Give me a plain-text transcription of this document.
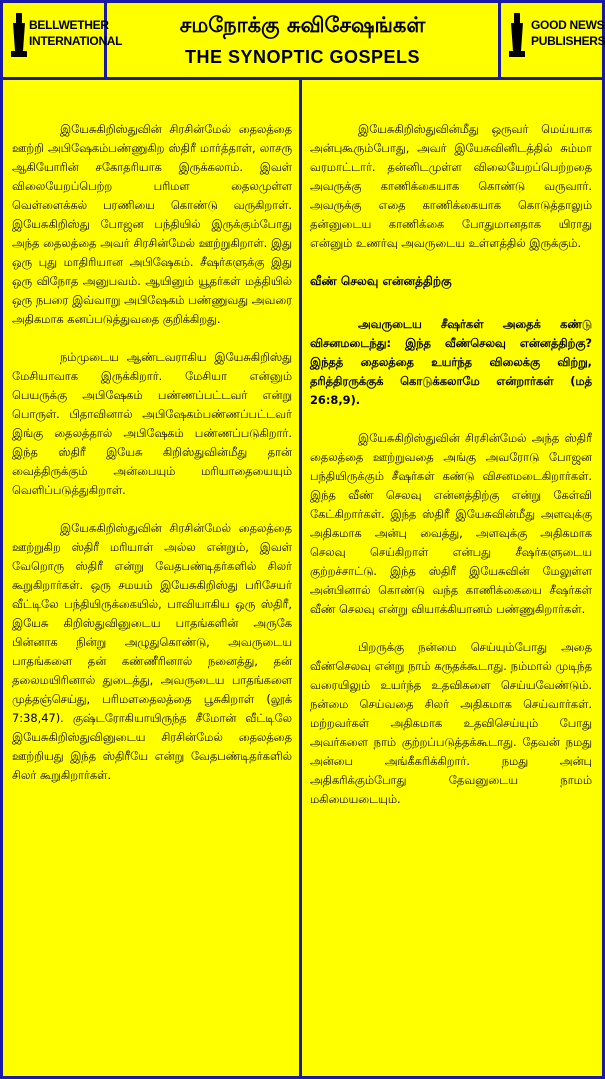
BELLWETHER
INTERNATIONAL
சமநோக்கு சுவிசேஷங்கள்
THE SYNOPTIC GOSPELS
GOOD NEWS
PUBLISHERS

இயேசுகிறிஸ்துவின் சிரசின்மேல் தைலத்தை ஊற்றி அபிஷேகம்பண்ணுகிற ஸ்திரீ மார்த்தாள், லாசரு ஆகியோரின் சகோதரியாக இருக்கலாம். இவள் விலையேறப்பெற்ற பரிமள தைலமுள்ள வெள்ளைக்கல் பரணியை கொண்டு வருகிறாள். இயேசுகிறிஸ்து போஜன பந்தியில் இருக்கும்போது அந்த தைலத்தை அவர் சிரசின்மேல் ஊற்றுகிறாள். இது ஒரு புது மாதிரியான அபிஷேகம். சீஷர்களுக்கு இது ஒரு விநோத அனுபவம். ஆயினும் யூதர்கள் மத்தியில் ஒரு நபரை இவ்வாறு அபிஷேகம் பண்ணுவது அவரை அதிகமாக கனப்படுத்துவதை குறிக்கிறது.

நம்முடைய ஆண்டவராகிய இயேசுகிறிஸ்து மேசியாவாக இருக்கிறார். மேசியா என்னும் பெயருக்கு அபிஷேகம் பண்ணப்பட்டவர் என்று பொருள். பிதாவினால் அபிஷேகம்பண்ணப்பட்டவர் இங்கு தைலத்தால் அபிஷேகம் பண்ணப்படுகிறார். இந்த ஸ்திரீ இயேசு கிறிஸ்துவின்மீது தான் வைத்திருக்கும் அன்பையும் மரியாதையையும் வெளிப்படுத்துகிறாள்.

இயேசுகிறிஸ்துவின் சிரசின்மேல் தைலத்தை ஊற்றுகிற ஸ்திரீ மரியாள் அல்ல என்றும், இவள் வேறொரு ஸ்திரீ என்று வேதபண்டிதர்களில் சிலர் கூறுகிறார்கள். ஒரு சமயம் இயேசுகிறிஸ்து பரிசேயர் வீட்டிலே பந்தியிருக்கையில், பாவியாகிய ஒரு ஸ்திரீ, இயேசு கிறிஸ்துவினுடைய பாதங்களின் அருகே பின்னாக நின்று அழுதுகொண்டு, அவருடைய பாதங்களை தன் கண்ணீரினால் நனைத்து, தன் தலைமயிரினால் துடைத்து, அவருடைய பாதங்களை முத்தஞ்செய்து, பரிமளதைலத்தை பூசுகிறாள் (லூக் 7:38,47). குஷ்டரோகியாயிருந்த சீமோன் வீட்டிலே இயேசுகிறிஸ்துவினுடைய சிரசின்மேல் தைலத்தை ஊற்றியது இந்த ஸ்திரீயே என்று வேதபண்டிதர்களில் சிலர் கூறுகிறார்கள்.

இயேசுகிறிஸ்துவின்மீது ஒருவர் மெய்யாக அன்புகூரும்போது, அவர் இயேசுவினிடத்தில் சும்மா வரமாட்டார். தன்னிடமுள்ள விலையேறப்பெற்றதை அவருக்கு காணிக்கையாக கொண்டு வருவார். அவருக்கு எதை காணிக்கையாக கொடுத்தாலும் தன்னுடைய காணிக்கை போதுமானதாக யிராது என்னும் உணர்வு அவருடைய உள்ளத்தில் இருக்கும்.

வீண் செலவு என்னத்திற்கு
அவருடைய சீஷர்கள் அதைக் கண்டு விசனமடைந்து: இந்த வீண்செலவு என்னத்திற்கு? இந்தத் தைலத்தை உயர்ந்த விலைக்கு விற்று, தரித்திரருக்குக் கொடுக்கலாமே என்றார்கள் (மத் 26:8,9).

இயேசுகிறிஸ்துவின் சிரசின்மேல் அந்த ஸ்திரீ தைலத்தை ஊற்றுவதை அங்கு அவரோடு போஜன பந்தியிருக்கும் சீஷர்கள் கண்டு விசனமடைகிறார்கள். இந்த வீண் செலவு என்னத்திற்கு என்று கேள்வி கேட்கிறார்கள். இந்த ஸ்திரீ இயேசுவின்மீது அளவுக்கு அதிகமாக அன்பு வைத்து, அளவுக்கு அதிகமாக செலவு செய்கிறாள் என்பது சீஷர்களுடைய குற்றச்சாட்டு. இந்த ஸ்திரீ இயேசுவின் மேலுள்ள அன்பினால் கொண்டு வந்த காணிக்கையை சீஷர்கள் வீண் செலவு என்று வியாக்கியானம் பண்ணுகிறார்கள்.

பிறருக்கு நன்மை செய்யும்போது அதை வீண்செலவு என்று நாம் கருதக்கூடாது. நம்மால் முடிந்த வரையிலும் உயர்ந்த உதவிகளை செய்யவேண்டும். நன்மை செய்வதை சிலர் அதிகமாக செய்வார்கள். மற்றவர்கள் அதிகமாக உதவிசெய்யும் போது அவர்களை நாம் குற்றப்படுத்தக்கூடாது. தேவன் நமது அன்பை அங்கீகரிக்கிறார். நமது அன்பு அதிகரிக்கும்போது தேவனுடைய நாமம் மகிமையடையும்.
